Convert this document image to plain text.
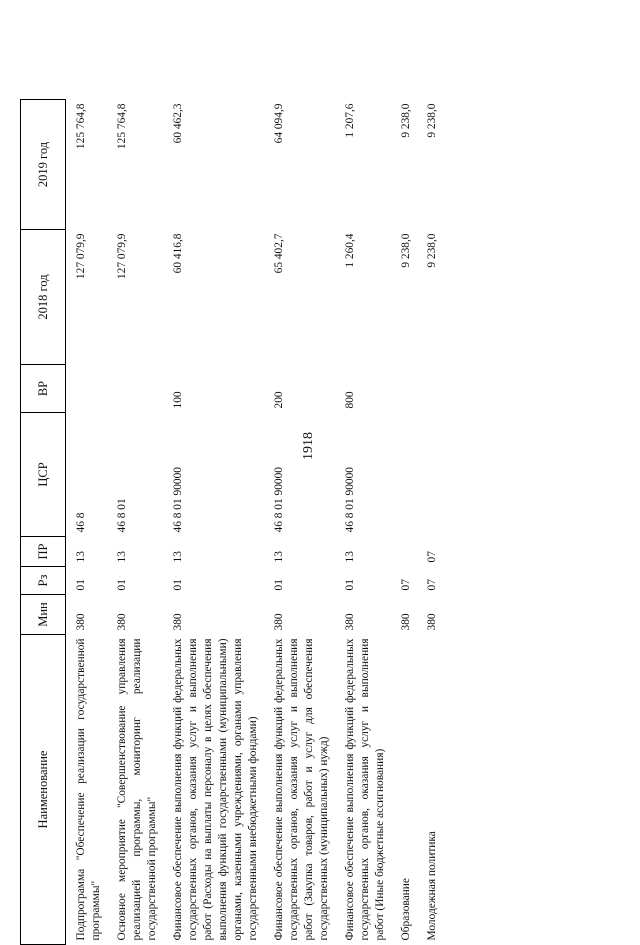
1918
Наименование	Мин	Рз	ПР	ЦСР	ВР	2018 год	2019 год
Подпрограмма "Обеспечение реализации государственной программы"	380	01	13	46 8		127 079,9	125 764,8
Основное мероприятие "Совершенствование управления реализацией программы, мониторинг реализации государственной программы"	380	01	13	46 8 01		127 079,9	125 764,8
Финансовое обеспечение выполнения функций федеральных государственных органов, оказания услуг и выполнения работ (Расходы на выплаты персоналу в целях обеспечения выполнения функций государственными (муниципальными) органами, казенными учреждениями, органами управления государственными внебюджетными фондами)	380	01	13	46 8 01 90000	100	60 416,8	60 462,3
Финансовое обеспечение выполнения функций федеральных государственных органов, оказания услуг и выполнения работ (Закупка товаров, работ и услуг для обеспечения государственных (муниципальных) нужд)	380	01	13	46 8 01 90000	200	65 402,7	64 094,9
Финансовое обеспечение выполнения функций федеральных государственных органов, оказания услуг и выполнения работ (Иные бюджетные ассигнования)	380	01	13	46 8 01 90000	800	1 260,4	1 207,6
Образование	380	07				9 238,0	9 238,0
Молодежная политика	380	07	07			9 238,0	9 238,0
